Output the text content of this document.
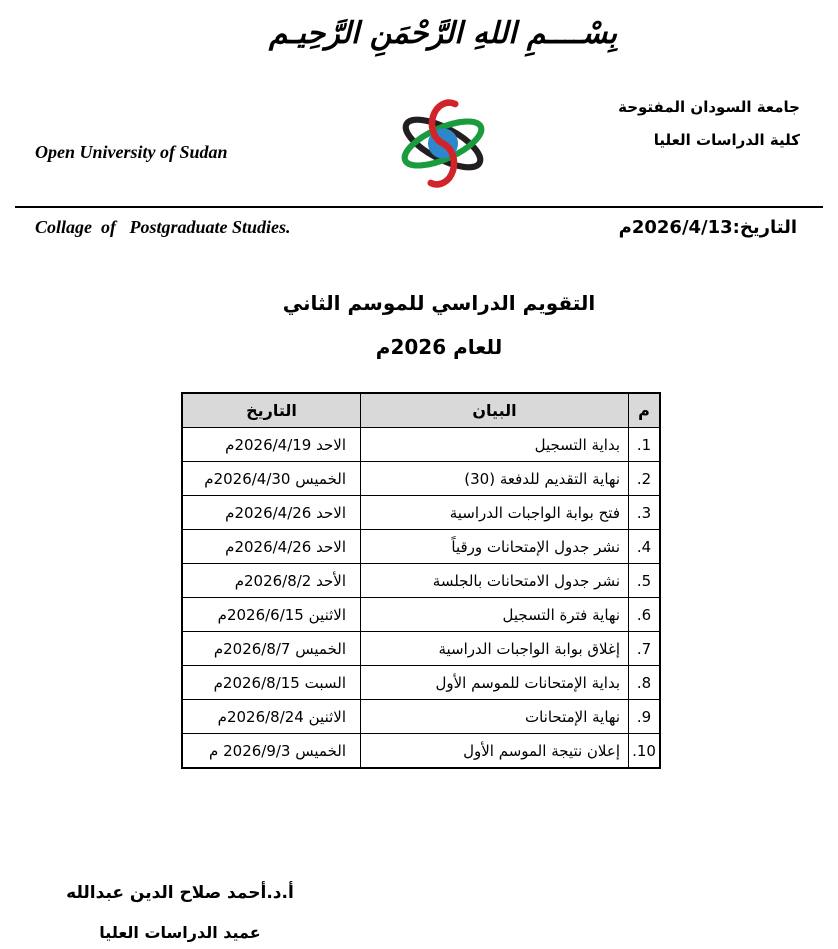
بِسْــــمِ اللهِ الرَّحْمَنِ الرَّحِيـم

Open University of Sudan

Collage  of   Postgraduate Studies.

جامعة السودان المفتوحة
كلية الدراسات العليا
التاريخ:2026/4/13م
التقويم الدراسي للموسم الثاني
للعام 2026م
م	البيان	التاريخ
1.	بداية التسجيل	الاحد 2026/4/19م
2.	نهاية التقديم للدفعة (30)	الخميس 2026/4/30م
3.	فتح بوابة الواجبات الدراسية	الاحد 2026/4/26م
4.	نشر جدول الإمتحانات ورقياً	الاحد 2026/4/26م
5.	نشر جدول الامتحانات بالجلسة	الأحد 2026/8/2م
6.	نهاية فترة التسجيل	الاثنين 2026/6/15م
7.	إغلاق بوابة الواجبات الدراسية	الخميس 2026/8/7م
8.	بداية الإمتحانات للموسم الأول	السبت 2026/8/15م
9.	نهاية الإمتحانات	الاثنين 2026/8/24م
10.	إعلان نتيجة الموسم الأول	الخميس 2026/9/3 م
أ.د.أحمد صلاح الدين عبدالله
عميد الدراسات العليا
